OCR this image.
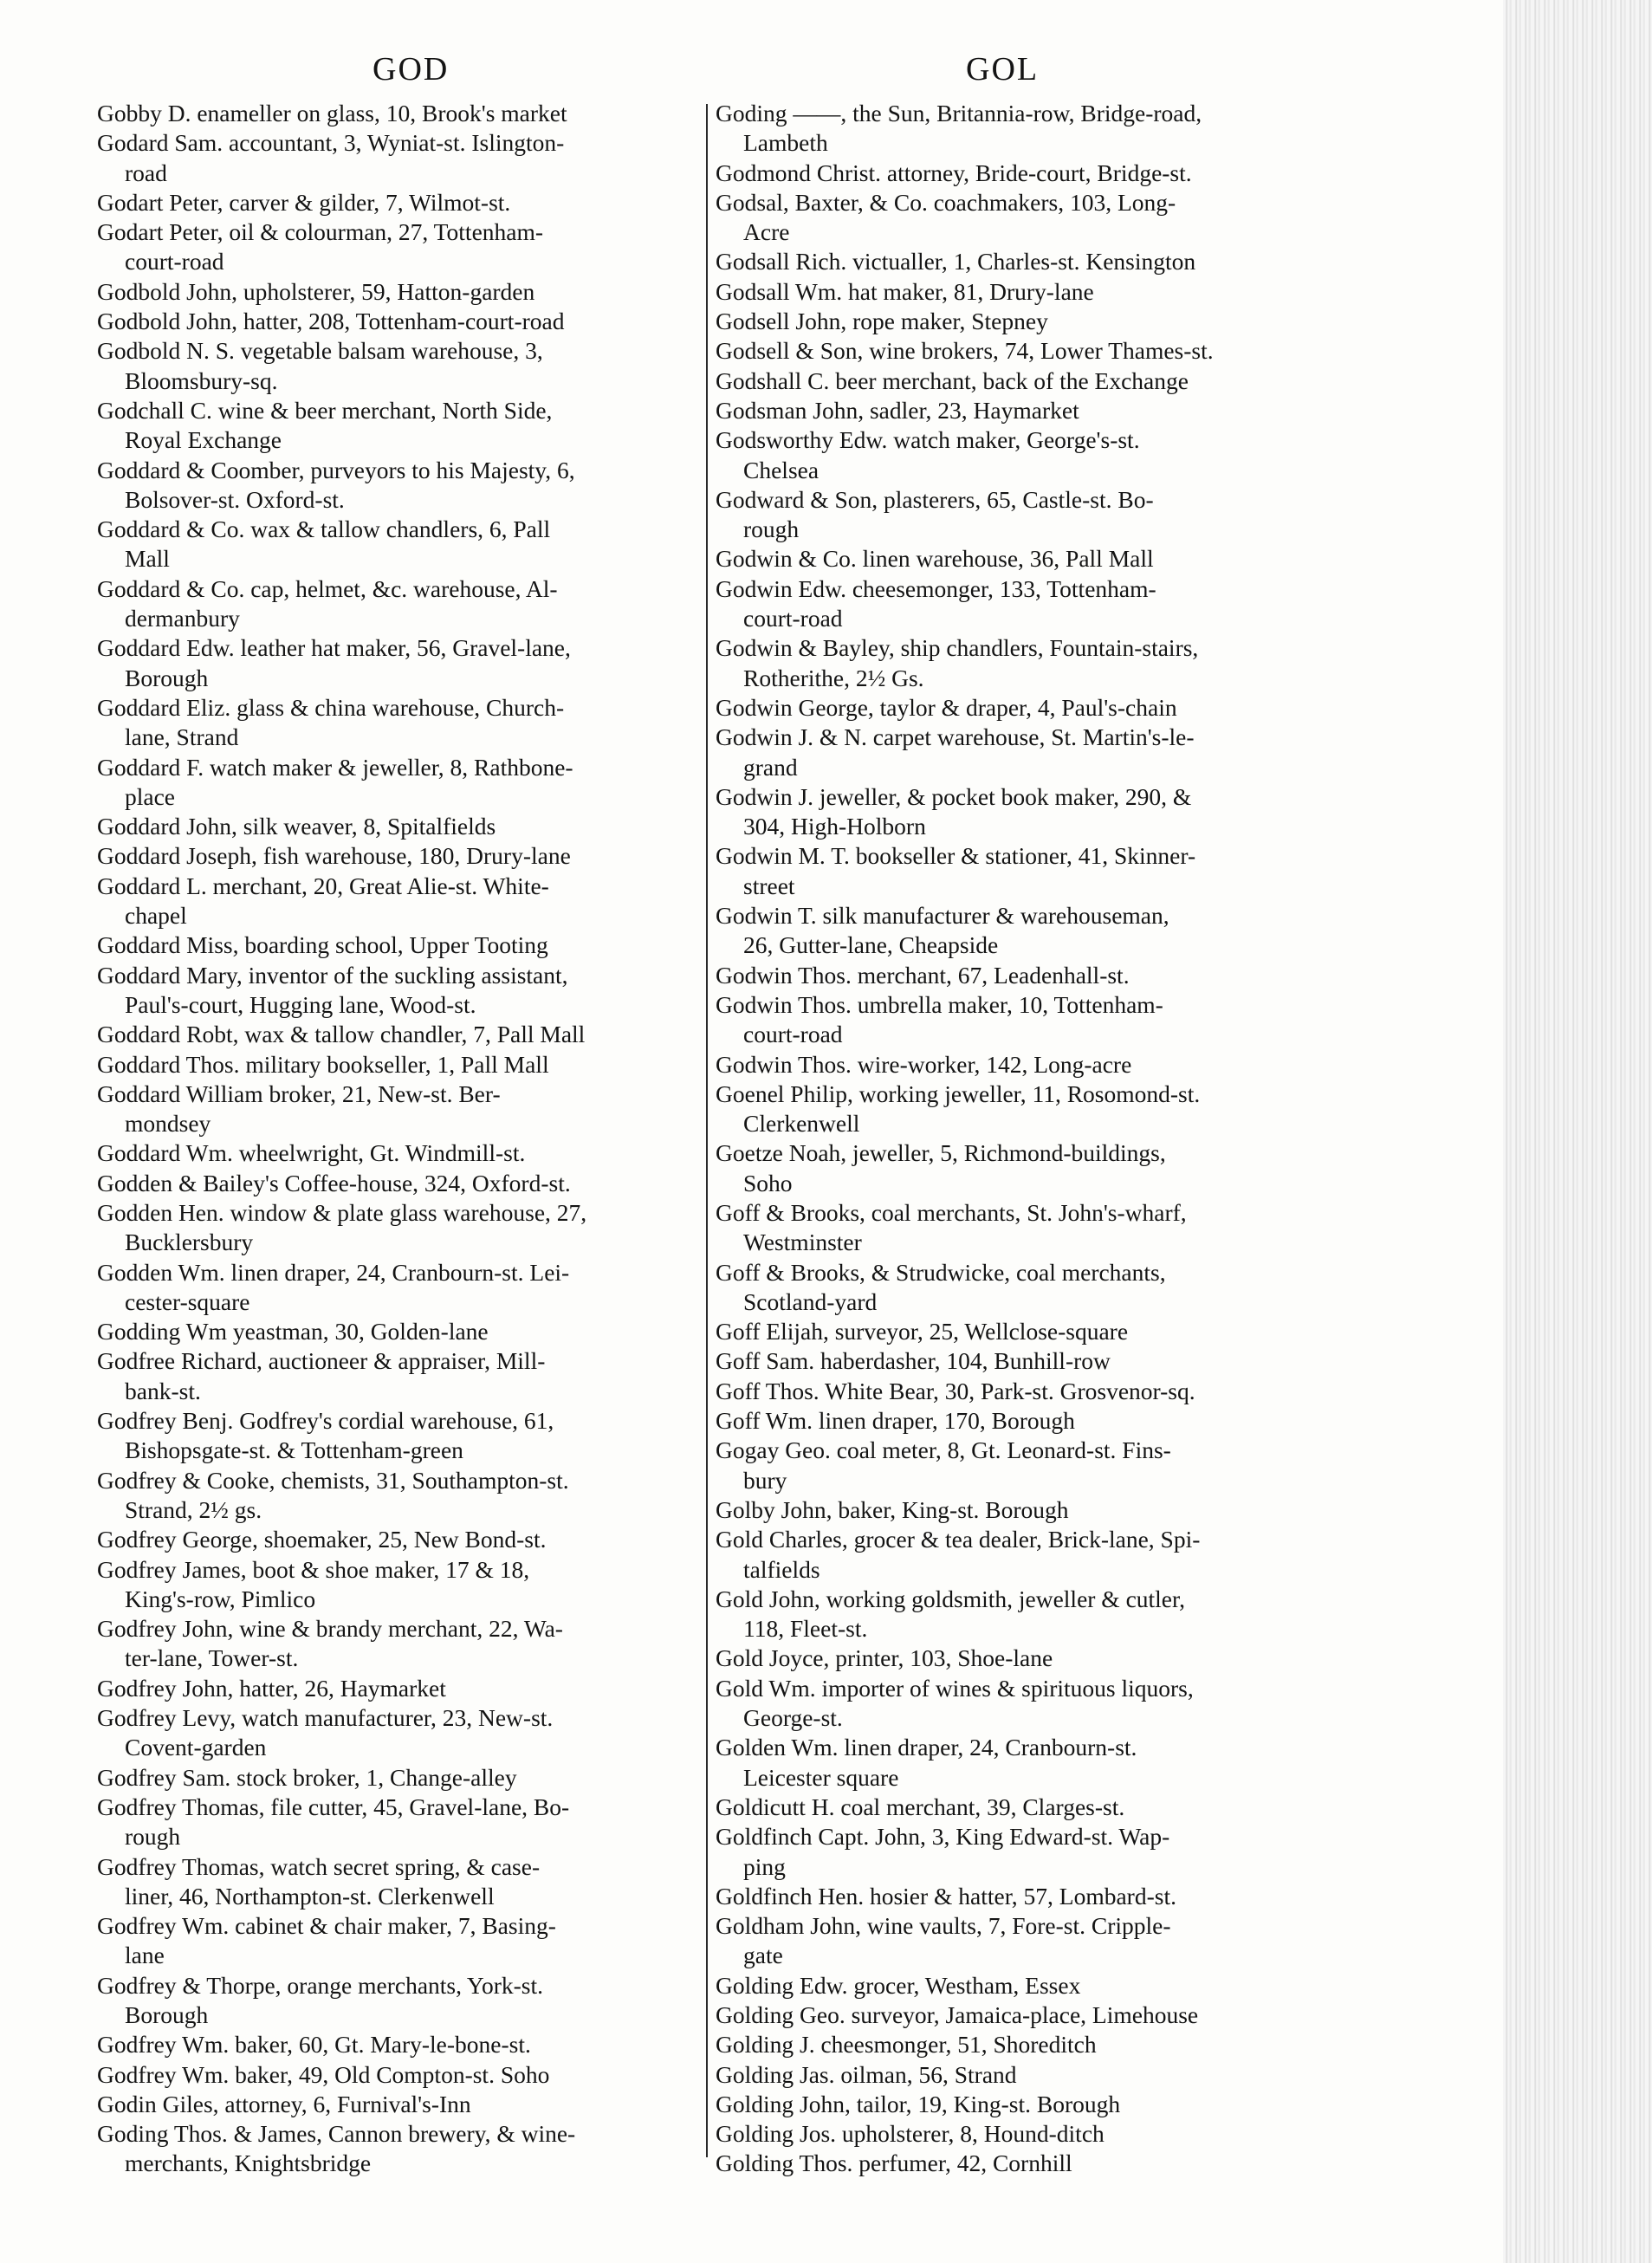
GOD	GOL
Gobby D. enameller on glass, 10, Brook's market
Godard Sam. accountant, 3, Wyniat-st. Islington-
road
Godart Peter, carver & gilder, 7, Wilmot-st.
Godart Peter, oil & colourman, 27, Tottenham-
court-road
Godbold John, upholsterer, 59, Hatton-garden
Godbold John, hatter, 208, Tottenham-court-road
Godbold N. S. vegetable balsam warehouse, 3,
Bloomsbury-sq.
Godchall C. wine & beer merchant, North Side,
Royal Exchange
Goddard & Coomber, purveyors to his Majesty, 6,
Bolsover-st. Oxford-st.
Goddard & Co. wax & tallow chandlers, 6, Pall
Mall
Goddard & Co. cap, helmet, &c. warehouse, Al-
dermanbury
Goddard Edw. leather hat maker, 56, Gravel-lane,
Borough
Goddard Eliz. glass & china warehouse, Church-
lane, Strand
Goddard F. watch maker & jeweller, 8, Rathbone-
place
Goddard John, silk weaver, 8, Spitalfields
Goddard Joseph, fish warehouse, 180, Drury-lane
Goddard L. merchant, 20, Great Alie-st. White-
chapel
Goddard Miss, boarding school, Upper Tooting
Goddard Mary, inventor of the suckling assistant,
Paul's-court, Hugging lane, Wood-st.
Goddard Robt, wax & tallow chandler, 7, Pall Mall
Goddard Thos. military bookseller, 1, Pall Mall
Goddard William broker, 21, New-st. Ber-
mondsey
Goddard Wm. wheelwright, Gt. Windmill-st.
Godden & Bailey's Coffee-house, 324, Oxford-st.
Godden Hen. window & plate glass warehouse, 27,
Bucklersbury
Godden Wm. linen draper, 24, Cranbourn-st. Lei-
cester-square
Godding Wm yeastman, 30, Golden-lane
Godfree Richard, auctioneer & appraiser, Mill-
bank-st.
Godfrey Benj. Godfrey's cordial warehouse, 61,
Bishopsgate-st. & Tottenham-green
Godfrey & Cooke, chemists, 31, Southampton-st.
Strand, 2½ gs.
Godfrey George, shoemaker, 25, New Bond-st.
Godfrey James, boot & shoe maker, 17 & 18,
King's-row, Pimlico
Godfrey John, wine & brandy merchant, 22, Wa-
ter-lane, Tower-st.
Godfrey John, hatter, 26, Haymarket
Godfrey Levy, watch manufacturer, 23, New-st.
Covent-garden
Godfrey Sam. stock broker, 1, Change-alley
Godfrey Thomas, file cutter, 45, Gravel-lane, Bo-
rough
Godfrey Thomas, watch secret spring, & case-
liner, 46, Northampton-st. Clerkenwell
Godfrey Wm. cabinet & chair maker, 7, Basing-
lane
Godfrey & Thorpe, orange merchants, York-st.
Borough
Godfrey Wm. baker, 60, Gt. Mary-le-bone-st.
Godfrey Wm. baker, 49, Old Compton-st. Soho
Godin Giles, attorney, 6, Furnival's-Inn
Goding Thos. & James, Cannon brewery, & wine-
merchants, Knightsbridge
Goding ——, the Sun, Britannia-row, Bridge-road,
Lambeth
Godmond Christ. attorney, Bride-court, Bridge-st.
Godsal, Baxter, & Co. coachmakers, 103, Long-
Acre
Godsall Rich. victualler, 1, Charles-st. Kensington
Godsall Wm. hat maker, 81, Drury-lane
Godsell John, rope maker, Stepney
Godsell & Son, wine brokers, 74, Lower Thames-st.
Godshall C. beer merchant, back of the Exchange
Godsman John, sadler, 23, Haymarket
Godsworthy Edw. watch maker, George's-st.
Chelsea
Godward & Son, plasterers, 65, Castle-st. Bo-
rough
Godwin & Co. linen warehouse, 36, Pall Mall
Godwin Edw. cheesemonger, 133, Tottenham-
court-road
Godwin & Bayley, ship chandlers, Fountain-stairs,
Rotherithe, 2½ Gs.
Godwin George, taylor & draper, 4, Paul's-chain
Godwin J. & N. carpet warehouse, St. Martin's-le-
grand
Godwin J. jeweller, & pocket book maker, 290, &
304, High-Holborn
Godwin M. T. bookseller & stationer, 41, Skinner-
street
Godwin T. silk manufacturer & warehouseman,
26, Gutter-lane, Cheapside
Godwin Thos. merchant, 67, Leadenhall-st.
Godwin Thos. umbrella maker, 10, Tottenham-
court-road
Godwin Thos. wire-worker, 142, Long-acre
Goenel Philip, working jeweller, 11, Rosomond-st.
Clerkenwell
Goetze Noah, jeweller, 5, Richmond-buildings,
Soho
Goff & Brooks, coal merchants, St. John's-wharf,
Westminster
Goff & Brooks, & Strudwicke, coal merchants,
Scotland-yard
Goff Elijah, surveyor, 25, Wellclose-square
Goff Sam. haberdasher, 104, Bunhill-row
Goff Thos. White Bear, 30, Park-st. Grosvenor-sq.
Goff Wm. linen draper, 170, Borough
Gogay Geo. coal meter, 8, Gt. Leonard-st. Fins-
bury
Golby John, baker, King-st. Borough
Gold Charles, grocer & tea dealer, Brick-lane, Spi-
talfields
Gold John, working goldsmith, jeweller & cutler,
118, Fleet-st.
Gold Joyce, printer, 103, Shoe-lane
Gold Wm. importer of wines & spirituous liquors,
George-st.
Golden Wm. linen draper, 24, Cranbourn-st.
Leicester square
Goldicutt H. coal merchant, 39, Clarges-st.
Goldfinch Capt. John, 3, King Edward-st. Wap-
ping
Goldfinch Hen. hosier & hatter, 57, Lombard-st.
Goldham John, wine vaults, 7, Fore-st. Cripple-
gate
Golding Edw. grocer, Westham, Essex
Golding Geo. surveyor, Jamaica-place, Limehouse
Golding J. cheesmonger, 51, Shoreditch
Golding Jas. oilman, 56, Strand
Golding John, tailor, 19, King-st. Borough
Golding Jos. upholsterer, 8, Hound-ditch
Golding Thos. perfumer, 42, Cornhill
